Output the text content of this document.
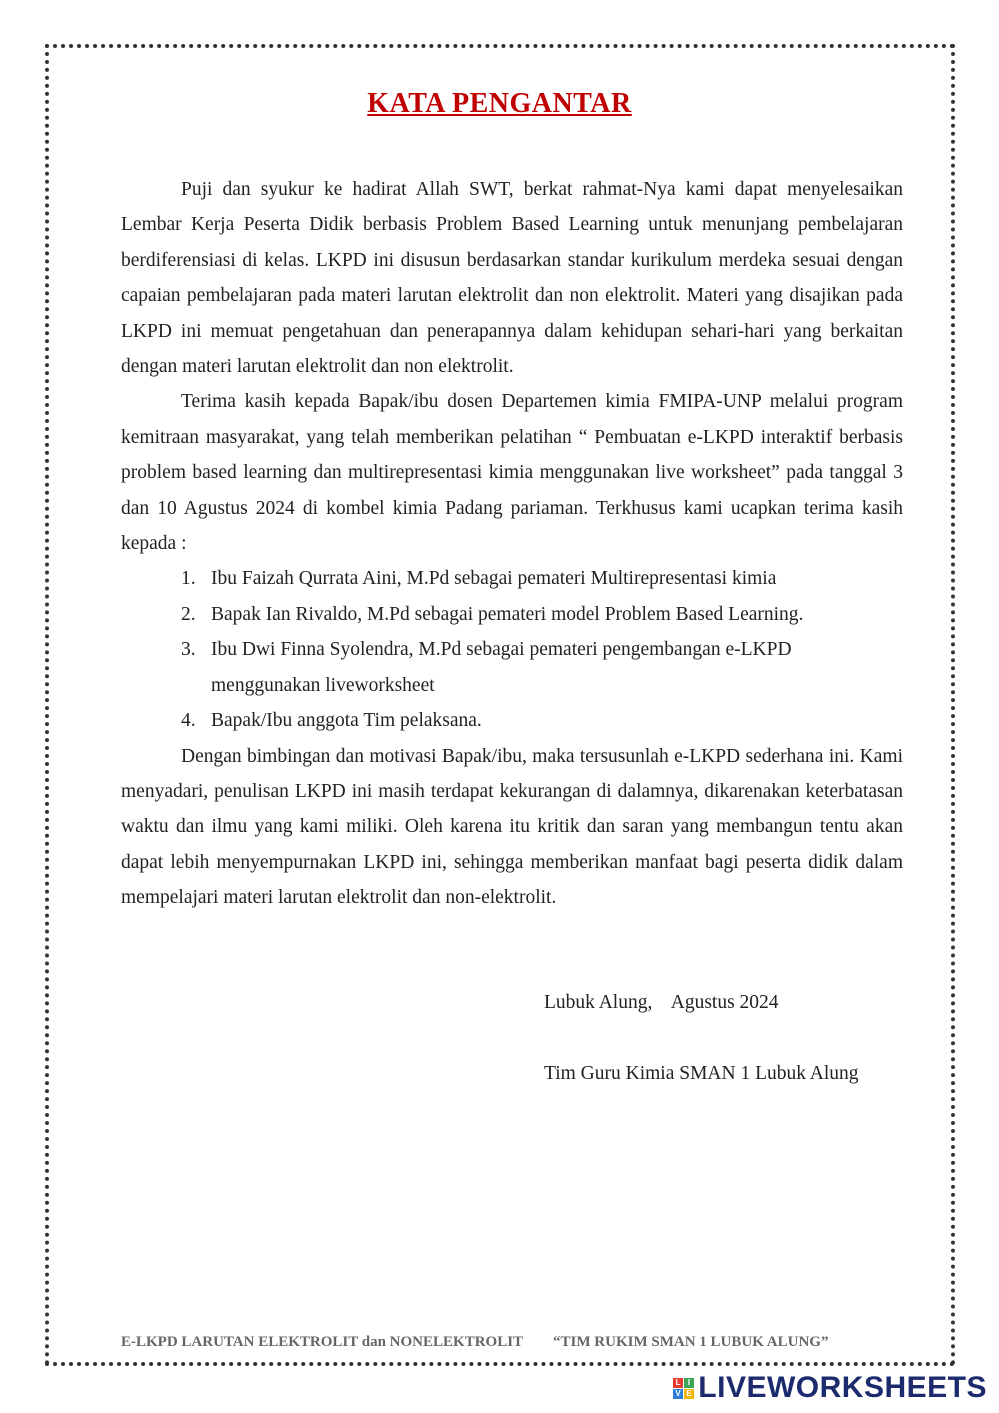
KATA PENGANTAR

Puji dan syukur ke hadirat Allah SWT, berkat rahmat-Nya kami dapat menyelesaikan Lembar Kerja Peserta Didik berbasis Problem Based Learning untuk menunjang pembelajaran berdiferensiasi di kelas. LKPD ini disusun berdasarkan standar kurikulum merdeka sesuai dengan capaian pembelajaran pada materi larutan elektrolit dan non elektrolit. Materi yang disajikan pada LKPD ini memuat pengetahuan dan penerapannya dalam kehidupan sehari-hari yang berkaitan dengan materi larutan elektrolit dan non elektrolit.

Terima kasih kepada Bapak/ibu dosen Departemen kimia FMIPA-UNP melalui program kemitraan masyarakat, yang telah memberikan pelatihan “ Pembuatan e-LKPD interaktif berbasis problem based learning dan multirepresentasi kimia menggunakan live worksheet” pada tanggal 3 dan 10 Agustus 2024 di kombel kimia Padang pariaman. Terkhusus kami ucapkan terima kasih kepada :

1. Ibu Faizah Qurrata Aini, M.Pd sebagai pemateri Multirepresentasi kimia
2. Bapak Ian Rivaldo, M.Pd sebagai pemateri model Problem Based Learning.
3. Ibu Dwi Finna Syolendra, M.Pd sebagai pemateri pengembangan e-LKPD menggunakan liveworksheet
4. Bapak/Ibu anggota Tim pelaksana.

Dengan bimbingan dan motivasi Bapak/ibu, maka tersusunlah e-LKPD sederhana ini. Kami menyadari, penulisan LKPD ini masih terdapat kekurangan di dalamnya, dikarenakan keterbatasan waktu dan ilmu yang kami miliki. Oleh karena itu kritik dan saran yang membangun tentu akan dapat lebih menyempurnakan LKPD ini, sehingga memberikan manfaat bagi peserta didik dalam mempelajari materi larutan elektrolit dan non-elektrolit.

Lubuk Alung,    Agustus 2024
Tim Guru Kimia SMAN 1 Lubuk Alung
E-LKPD LARUTAN ELEKTROLIT dan NONELEKTROLIT “TIM RUKIM SMAN 1 LUBUK ALUNG”
L I
V E LIVEWORKSHEETS
